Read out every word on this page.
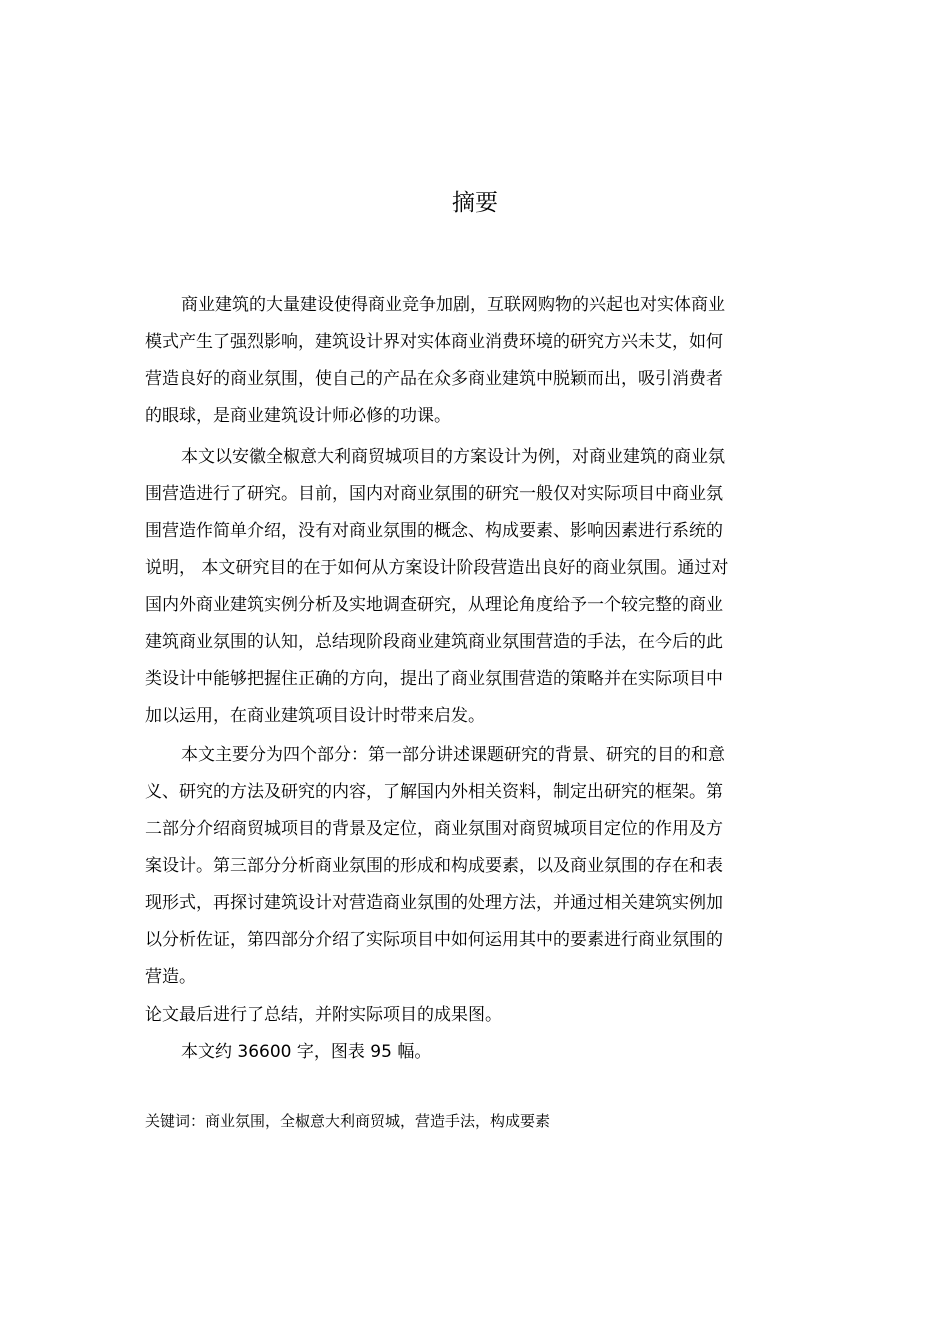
摘要
商业建筑的大量建设使得商业竞争加剧，互联网购物的兴起也对实体商业
模式产生了强烈影响，建筑设计界对实体商业消费环境的研究方兴未艾，如何
营造良好的商业氛围，使自己的产品在众多商业建筑中脱颖而出，吸引消费者
的眼球，是商业建筑设计师必修的功课。
本文以安徽全椒意大利商贸城项目的方案设计为例，对商业建筑的商业氛
围营造进行了研究。目前，国内对商业氛围的研究一般仅对实际项目中商业氛
围营造作简单介绍，没有对商业氛围的概念、构成要素、影响因素进行系统的
说明， 本文研究目的在于如何从方案设计阶段营造出良好的商业氛围。通过对
国内外商业建筑实例分析及实地调查研究，从理论角度给予一个较完整的商业
建筑商业氛围的认知，总结现阶段商业建筑商业氛围营造的手法，在今后的此
类设计中能够把握住正确的方向，提出了商业氛围营造的策略并在实际项目中
加以运用，在商业建筑项目设计时带来启发。
本文主要分为四个部分：第一部分讲述课题研究的背景、研究的目的和意
义、研究的方法及研究的内容，了解国内外相关资料，制定出研究的框架。第
二部分介绍商贸城项目的背景及定位，商业氛围对商贸城项目定位的作用及方
案设计。第三部分分析商业氛围的形成和构成要素，以及商业氛围的存在和表
现形式，再探讨建筑设计对营造商业氛围的处理方法，并通过相关建筑实例加
以分析佐证，第四部分介绍了实际项目中如何运用其中的要素进行商业氛围的
营造。
论文最后进行了总结，并附实际项目的成果图。
本文约 36600 字，图表 95 幅。
关键词：商业氛围，全椒意大利商贸城，营造手法，构成要素
